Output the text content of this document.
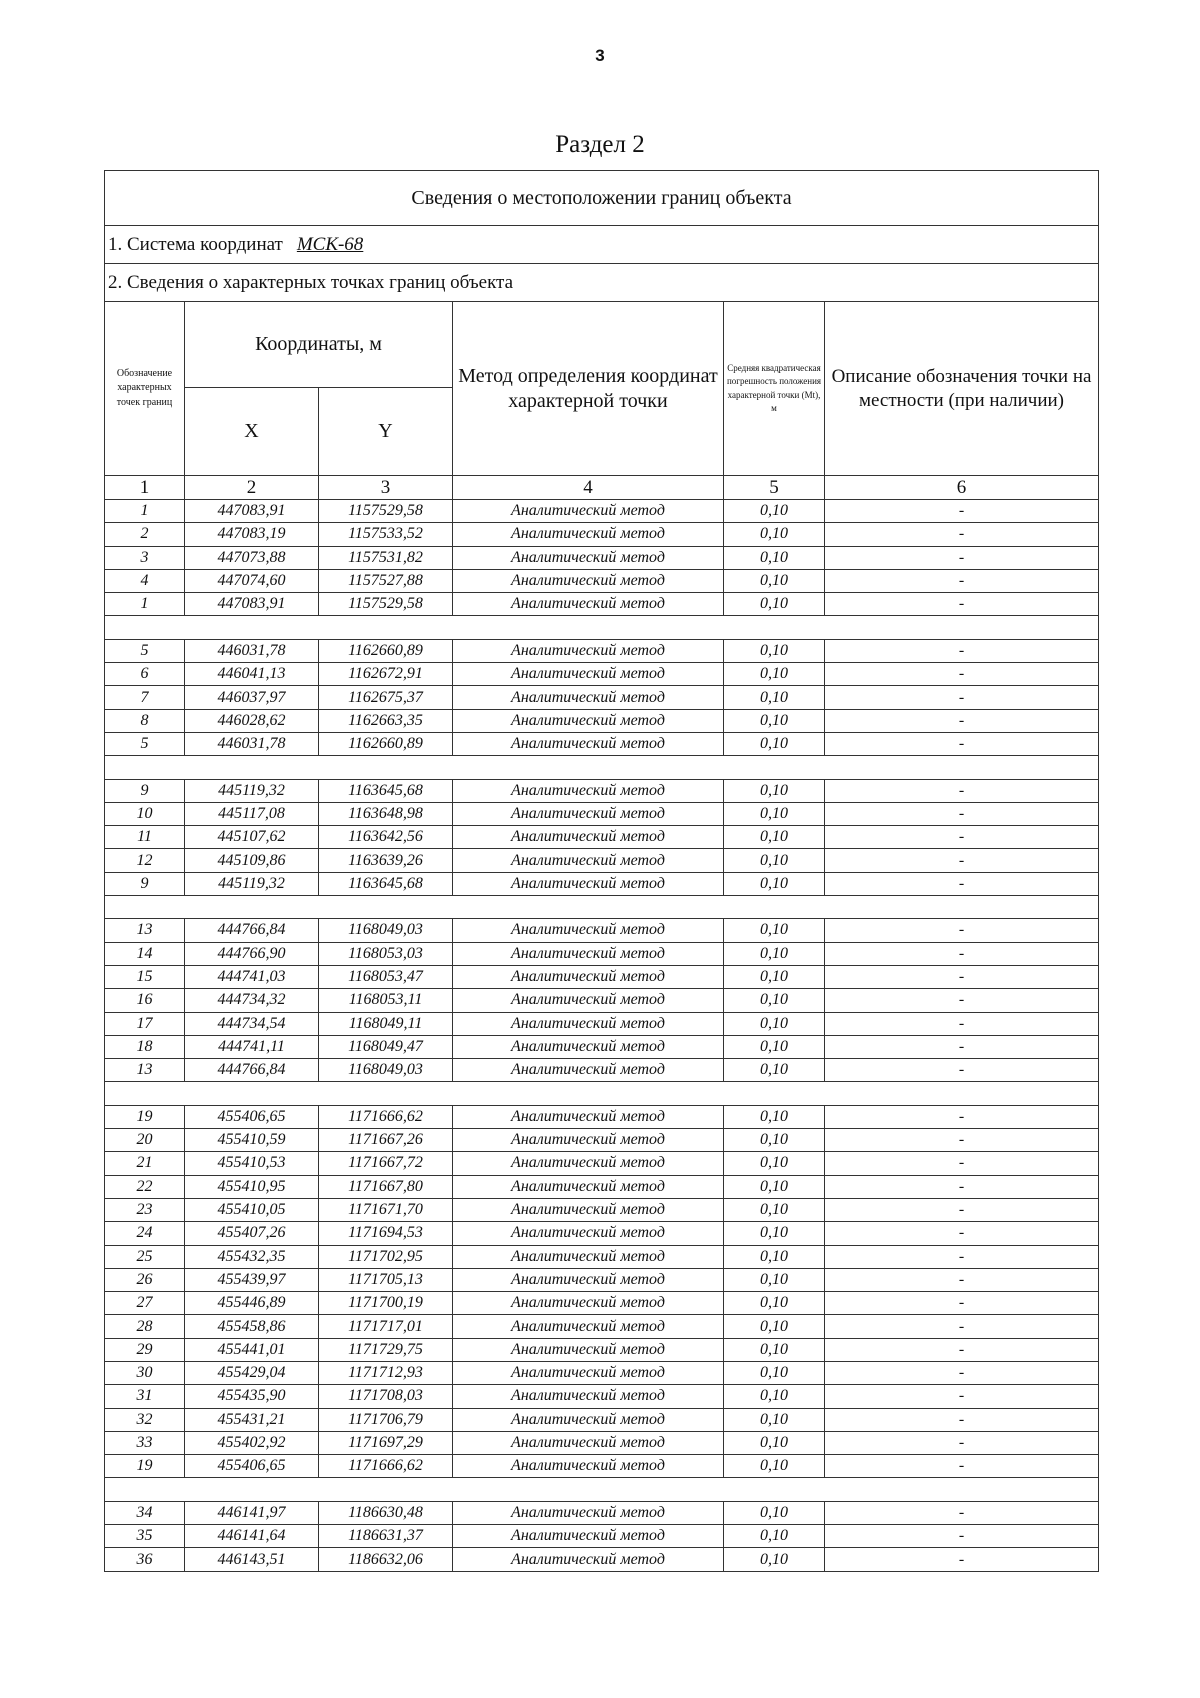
3
Раздел 2
Сведения о местоположении границ объекта					
1. Система координат МСК-68					
2. Сведения о характерных точках границ объекта					
Обозначение характерных точек границ	Координаты, м		Метод определения координат характерной точки	Средняя квадратическая погрешность положения характерной точки (Mt), м	Описание обозначения точки на местности (при наличии)
	X	Y			
1	2	3	4	5	6
1	447083,91	1157529,58	Аналитический метод	0,10	-
2	447083,19	1157533,52	Аналитический метод	0,10	-
3	447073,88	1157531,82	Аналитический метод	0,10	-
4	447074,60	1157527,88	Аналитический метод	0,10	-
1	447083,91	1157529,58	Аналитический метод	0,10	-

5	446031,78	1162660,89	Аналитический метод	0,10	-
6	446041,13	1162672,91	Аналитический метод	0,10	-
7	446037,97	1162675,37	Аналитический метод	0,10	-
8	446028,62	1162663,35	Аналитический метод	0,10	-
5	446031,78	1162660,89	Аналитический метод	0,10	-

9	445119,32	1163645,68	Аналитический метод	0,10	-
10	445117,08	1163648,98	Аналитический метод	0,10	-
11	445107,62	1163642,56	Аналитический метод	0,10	-
12	445109,86	1163639,26	Аналитический метод	0,10	-
9	445119,32	1163645,68	Аналитический метод	0,10	-

13	444766,84	1168049,03	Аналитический метод	0,10	-
14	444766,90	1168053,03	Аналитический метод	0,10	-
15	444741,03	1168053,47	Аналитический метод	0,10	-
16	444734,32	1168053,11	Аналитический метод	0,10	-
17	444734,54	1168049,11	Аналитический метод	0,10	-
18	444741,11	1168049,47	Аналитический метод	0,10	-
13	444766,84	1168049,03	Аналитический метод	0,10	-

19	455406,65	1171666,62	Аналитический метод	0,10	-
20	455410,59	1171667,26	Аналитический метод	0,10	-
21	455410,53	1171667,72	Аналитический метод	0,10	-
22	455410,95	1171667,80	Аналитический метод	0,10	-
23	455410,05	1171671,70	Аналитический метод	0,10	-
24	455407,26	1171694,53	Аналитический метод	0,10	-
25	455432,35	1171702,95	Аналитический метод	0,10	-
26	455439,97	1171705,13	Аналитический метод	0,10	-
27	455446,89	1171700,19	Аналитический метод	0,10	-
28	455458,86	1171717,01	Аналитический метод	0,10	-
29	455441,01	1171729,75	Аналитический метод	0,10	-
30	455429,04	1171712,93	Аналитический метод	0,10	-
31	455435,90	1171708,03	Аналитический метод	0,10	-
32	455431,21	1171706,79	Аналитический метод	0,10	-
33	455402,92	1171697,29	Аналитический метод	0,10	-
19	455406,65	1171666,62	Аналитический метод	0,10	-

34	446141,97	1186630,48	Аналитический метод	0,10	-
35	446141,64	1186631,37	Аналитический метод	0,10	-
36	446143,51	1186632,06	Аналитический метод	0,10	-
